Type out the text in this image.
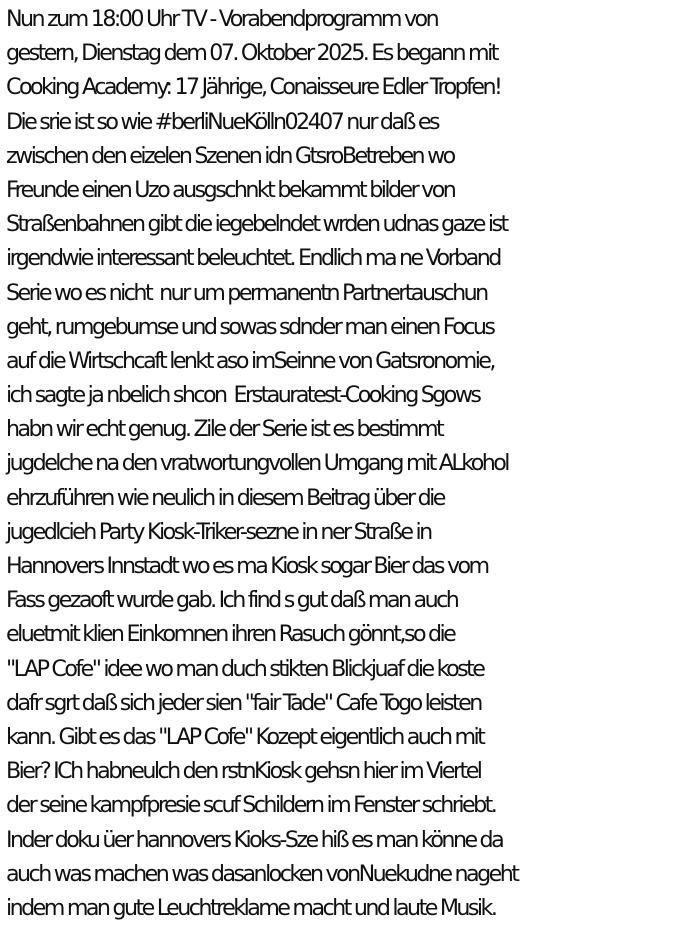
Nun zum 18:00 Uhr TV - Vorabendprogramm von
gestern, Dienstag dem 07. Oktober 2025. Es begann mit
Cooking Academy: 17 Jährige, Conaisseure Edler Tropfen!
Die srie ist so wie #berliNueKölln02407 nur daß es
zwischen den eizelen Szenen idn GtsroBetreben wo
Freunde einen Uzo ausgschnkt bekammt bilder von
Straßenbahnen gibt die iegebelndet wrden udnas gaze ist
irgendwie interessant beleuchtet. Endlich ma ne Vorband
Serie wo es nicht  nur um permanentn Partnertauschun
geht, rumgebumse und sowas sdnder man einen Focus
auf die Wirtschcaft lenkt aso imSeinne von Gatsronomie,
ich sagte ja nbelich shcon  Erstauratest-Cooking Sgows
habn wir echt genug. Zile der Serie ist es bestimmt
jugdelche na den vratwortungvollen Umgang mit ALkohol
ehrzuführen wie neulich in diesem Beitrag über die
jugedlcieh Party Kiosk-Triker-sezne in ner Straße in
Hannovers Innstadt wo es ma Kiosk sogar Bier das vom
Fass gezaoft wurde gab. Ich find s gut daß man auch
eluetmit klien Einkomnen ihren Rasuch gönnt,so die
"LAP Cofe" idee wo man duch stikten Blickjuaf die koste
dafr sgrt daß sich jeder sien "fair Tade" Cafe Togo leisten
kann. Gibt es das "LAP Cofe" Kozept eigentlich auch mit
Bier? ICh habneulch den rstnKiosk gehsn hier im Viertel
der seine kampfpresie scuf Schildern im Fenster schriebt.
Inder doku üer hannovers Kioks-Sze hiß es man könne da
auch was machen was dasanlocken vonNuekudne nageht
indem man gute Leuchtreklame macht und laute Musik.
